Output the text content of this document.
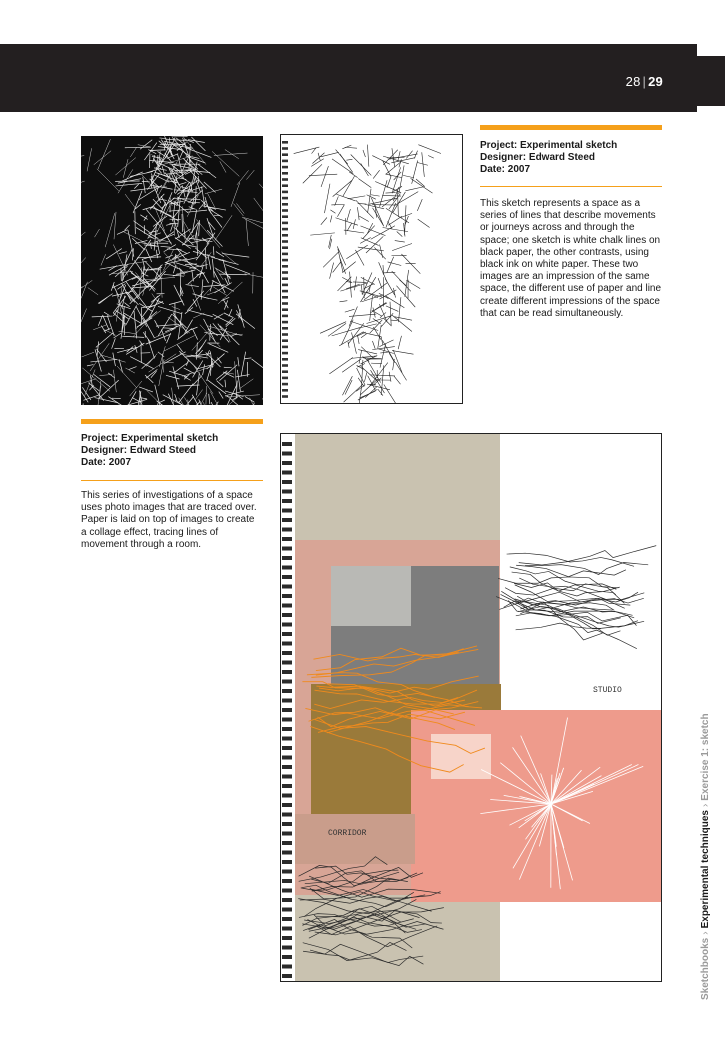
28 | 29
Project: Experimental sketch
Designer: Edward Steed
Date: 2007
This sketch represents a space as a series of lines that describe movements or journeys across and through the space; one sketch is white chalk lines on black paper, the other contrasts, using black ink on white paper. These two images are an impression of the same space, the different use of paper and line create different impressions of the space that can be read simultaneously.
Project: Experimental sketch
Designer: Edward Steed
Date: 2007
This series of investigations of a space uses photo images that are traced over. Paper is laid on top of images to create a collage effect, tracing lines of movement through a room.
STUDIO
CORRIDOR
Sketchbooks›Experimental techniques›Exercise 1: sketch
